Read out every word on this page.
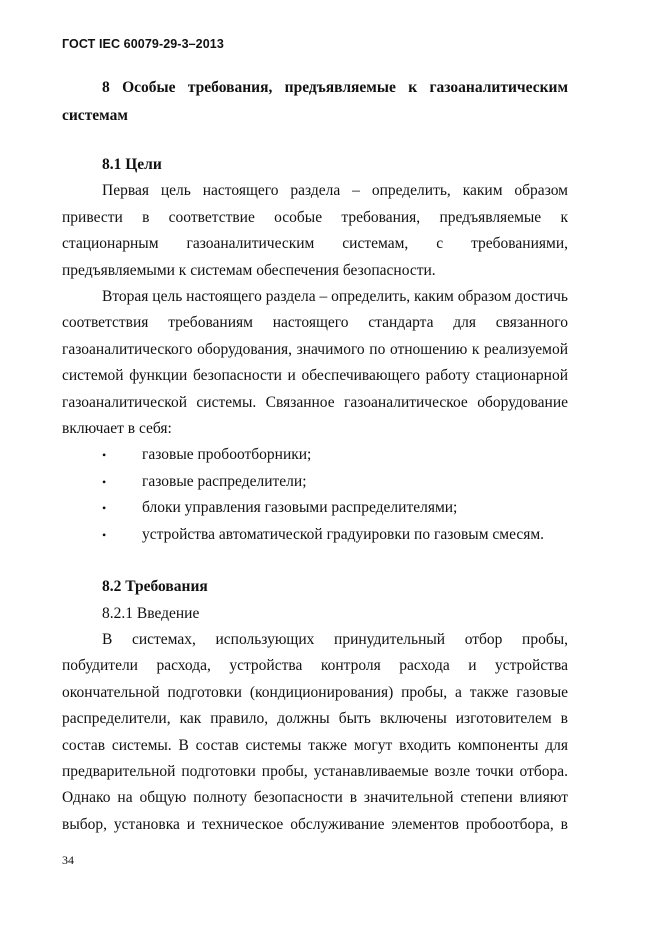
ГОСТ IEC 60079-29-3–2013

8 Особые требования, предъявляемые к газоаналитическим системам

8.1 Цели

Первая цель настоящего раздела – определить, каким образом привести в соответствие особые требования, предъявляемые к стационарным газоаналитическим системам, с требованиями, предъявляемыми к системам обеспечения безопасности.

Вторая цель настоящего раздела – определить, каким образом достичь соответствия требованиям настоящего стандарта для связанного газоаналитического оборудования, значимого по отношению к реализуемой системой функции безопасности и обеспечивающего работу стационарной газоаналитической системы. Связанное газоаналитическое оборудование включает в себя:

• газовые пробоотборники;
• газовые распределители;
• блоки управления газовыми распределителями;
• устройства автоматической градуировки по газовым смесям.

8.2 Требования

8.2.1 Введение

В системах, использующих принудительный отбор пробы, побудители расхода, устройства контроля расхода и устройства окончательной подготовки (кондиционирования) пробы, а также газовые распределители, как правило, должны быть включены изготовителем в состав системы. В состав системы также могут входить компоненты для предварительной подготовки пробы, устанавливаемые возле точки отбора. Однако на общую полноту безопасности в значительной степени влияют выбор, установка и техническое обслуживание элементов пробоотбора, в

34
